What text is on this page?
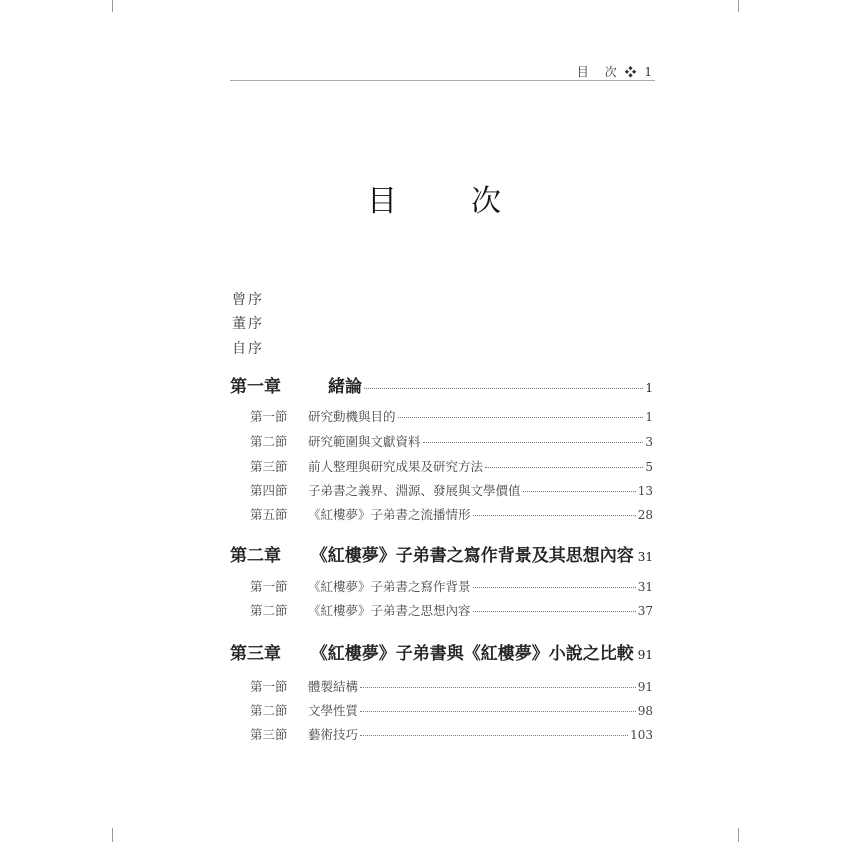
目　次 ❖ 1
目　次
曾序
董序
自序
第一章	緒論	1
第一節	研究動機與目的	1
第二節	研究範圍與文獻資料	3
第三節	前人整理與研究成果及研究方法	5
第四節	子弟書之義界、淵源、發展與文學價值	13
第五節	《紅樓夢》子弟書之流播情形	28
第二章	《紅樓夢》子弟書之寫作背景及其思想內容 31
第一節	《紅樓夢》子弟書之寫作背景	31
第二節	《紅樓夢》子弟書之思想內容	37
第三章	《紅樓夢》子弟書與《紅樓夢》小說之比較 91
第一節	體製結構	91
第二節	文學性質	98
第三節	藝術技巧	103
